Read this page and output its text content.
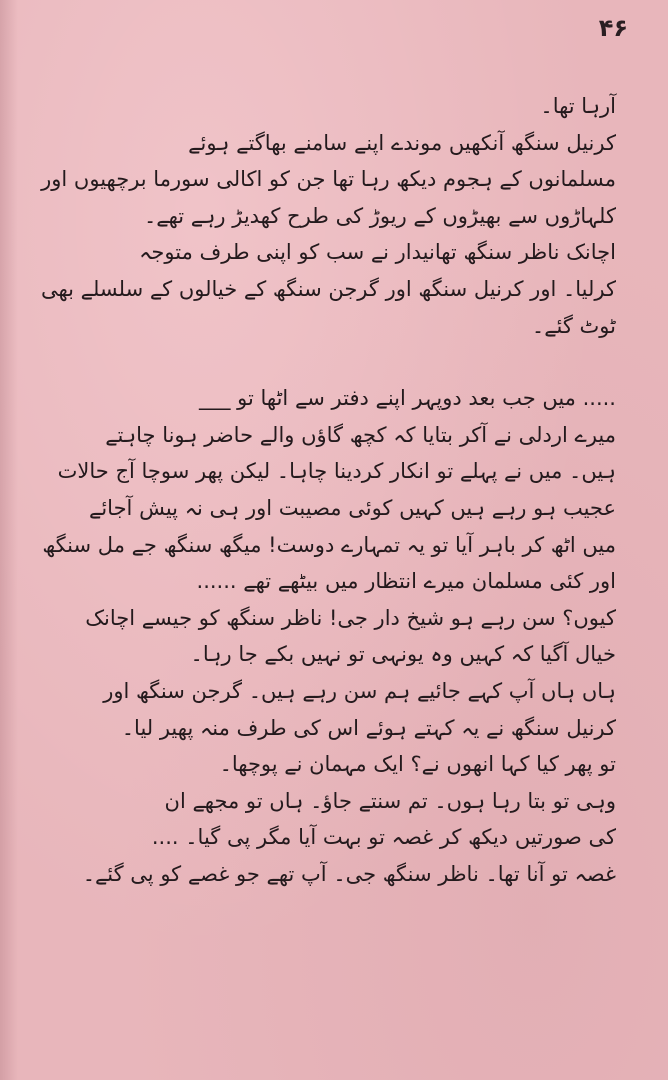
۴۶

آرہا تھا۔

کرنیل سنگھ آنکھیں موندے اپنے سامنے بھاگتے ہوئے
مسلمانوں کے ہجوم دیکھ رہا تھا جن کو اکالی سورما برچھیوں اور
کلہاڑوں سے بھیڑوں کے ریوڑ کی طرح کھدیڑ رہے تھے۔

اچانک ناظر سنگھ تھانیدار نے سب کو اپنی طرف متوجہ
کرلیا۔ اور کرنیل سنگھ اور گرجن سنگھ کے خیالوں کے سلسلے بھی
ٹوٹ گئے۔

..... میں جب بعد دوپہر اپنے دفتر سے اٹھا تو ___
میرے اردلی نے آکر بتایا کہ کچھ گاؤں والے حاضر ہونا چاہتے
ہیں۔ میں نے پہلے تو انکار کردینا چاہا۔ لیکن پھر سوچا آج حالات
عجیب ہو رہے ہیں کہیں کوئی مصیبت اور ہی نہ پیش آجائے
میں اٹھ کر باہر آیا تو یہ تمہارے دوست! میگھ سنگھ جے مل سنگھ
اور کئی مسلمان میرے انتظار میں بیٹھے تھے ......

کیوں؟ سن رہے ہو شیخ دار جی! ناظر سنگھ کو جیسے اچانک
خیال آگیا کہ کہیں وہ یونہی تو نہیں بکے جا رہا۔

ہاں ہاں آپ کہے جائیے ہم سن رہے ہیں۔ گرجن سنگھ اور
کرنیل سنگھ نے یہ کہتے ہوئے اس کی طرف منہ پھیر لیا۔

تو پھر کیا کہا انھوں نے؟ ایک مہمان نے پوچھا۔

وہی تو بتا رہا ہوں۔ تم سنتے جاؤ۔ ہاں تو مجھے ان
کی صورتیں دیکھ کر غصہ تو بہت آیا مگر پی گیا۔ ....
غصہ تو آنا تھا۔ ناظر سنگھ جی۔ آپ تھے جو غصے کو پی گئے۔
